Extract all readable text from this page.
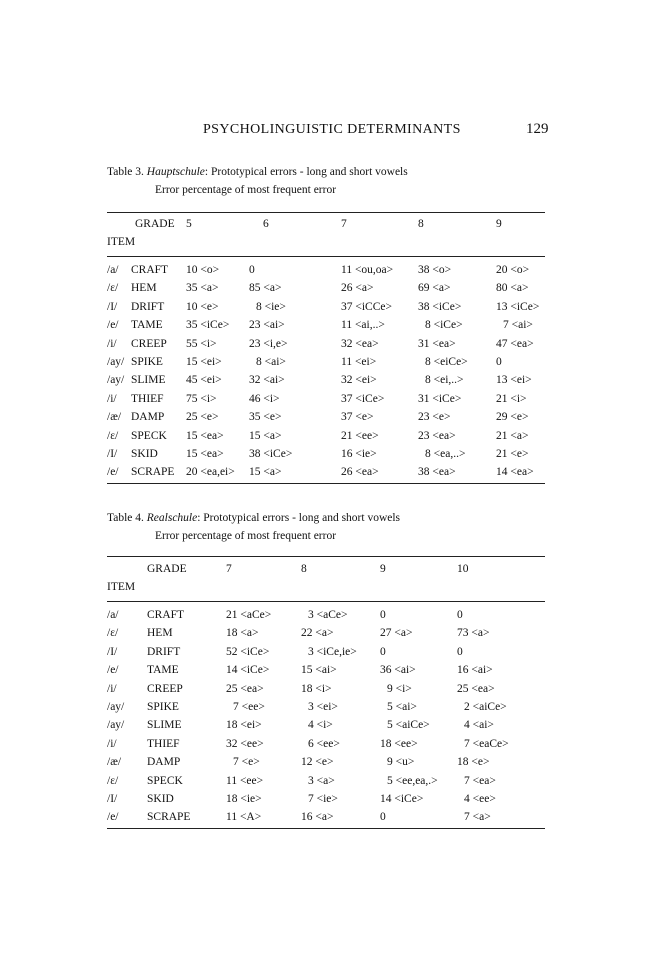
PSYCHOLINGUISTIC DETERMINANTS	129
Table 3. Hauptschule: Prototypical errors - long and short vowels
Error percentage of most frequent error
GRADE
ITEM
5	6	7	8	9
/a/ CRAFT 10 <o>	0	11 <ou,oa> 38 <o>	20 <o>
/ε/ HEM	35 <a>	85 <a>	26 <a>	69 <a>	80 <a>
/I/ DRIFT 10 <e>	8 <ie>	37 <iCCe> 38 <iCe>	13 <iCe>
/e/ TAME 35 <iCe> 23 <ai>	11 <ai,..>	8 <iCe>	7 <ai>
/i/ CREEP 55 <i>	23 <i,e>	32 <ea>	31 <ea>	47 <ea>
/ay/ SPIKE 15 <ei>	8 <ai>	11 <ei>	8 <eiCe> 0
/ay/ SLIME 45 <ei> 32 <ai>	32 <ei>	8 <ei,..>	13 <ei>
/i/ THIEF 75 <i>	46 <i>	37 <iCe>	31 <iCe>	21 <i>
/æ/ DAMP 25 <e>	35 <e>	37 <e>	23 <e>	29 <e>
/ε/ SPECK 15 <ea> 15 <a>	21 <ee>	23 <ea>	21 <a>
/I/ SKID 15 <ea> 38 <iCe>	16 <ie>	8 <ea,..>	21 <e>
/e/ SCRAPE 20 <ea,ei> 15 <a>	26 <ea>	38 <ea>	14 <ea>
Table 4. Realschule: Prototypical errors - long and short vowels
Error percentage of most frequent error
GRADE
ITEM
7	8	9	10
/a/ CRAFT	21 <aCe>	3 <aCe>	0	0
/ε/	HEM	18 <a>	22 <a>	27 <a>	73 <a>
/I/	DRIFT	52 <iCe>	3 <iCe,ie> 0	0
/e/ TAME	14 <iCe>	15 <ai>	36 <ai>	16 <ai>
/i/	CREEP	25 <ea>	18 <i>	9 <i>	25 <ea>
/ay/ SPIKE	7 <ee>	3 <ei>	5 <ai>	2 <aiCe>
/ay/ SLIME	18 <ei>	4 <i>	5 <aiCe>	4 <ai>
/i/	THIEF	32 <ee>	6 <ee>	18 <ee>	7 <eaCe>
/æ/ DAMP	7 <e>	12 <e>	9 <u>	18 <e>
/ε/	SPECK	11 <ee>	3 <a>	5 <ee,ea,.> 7 <ea>
/I/	SKID	18 <ie>	7 <ie>	14 <iCe>	4 <ee>
/e/ SCRAPE	11 <A>	16 <a>	0	7 <a>
